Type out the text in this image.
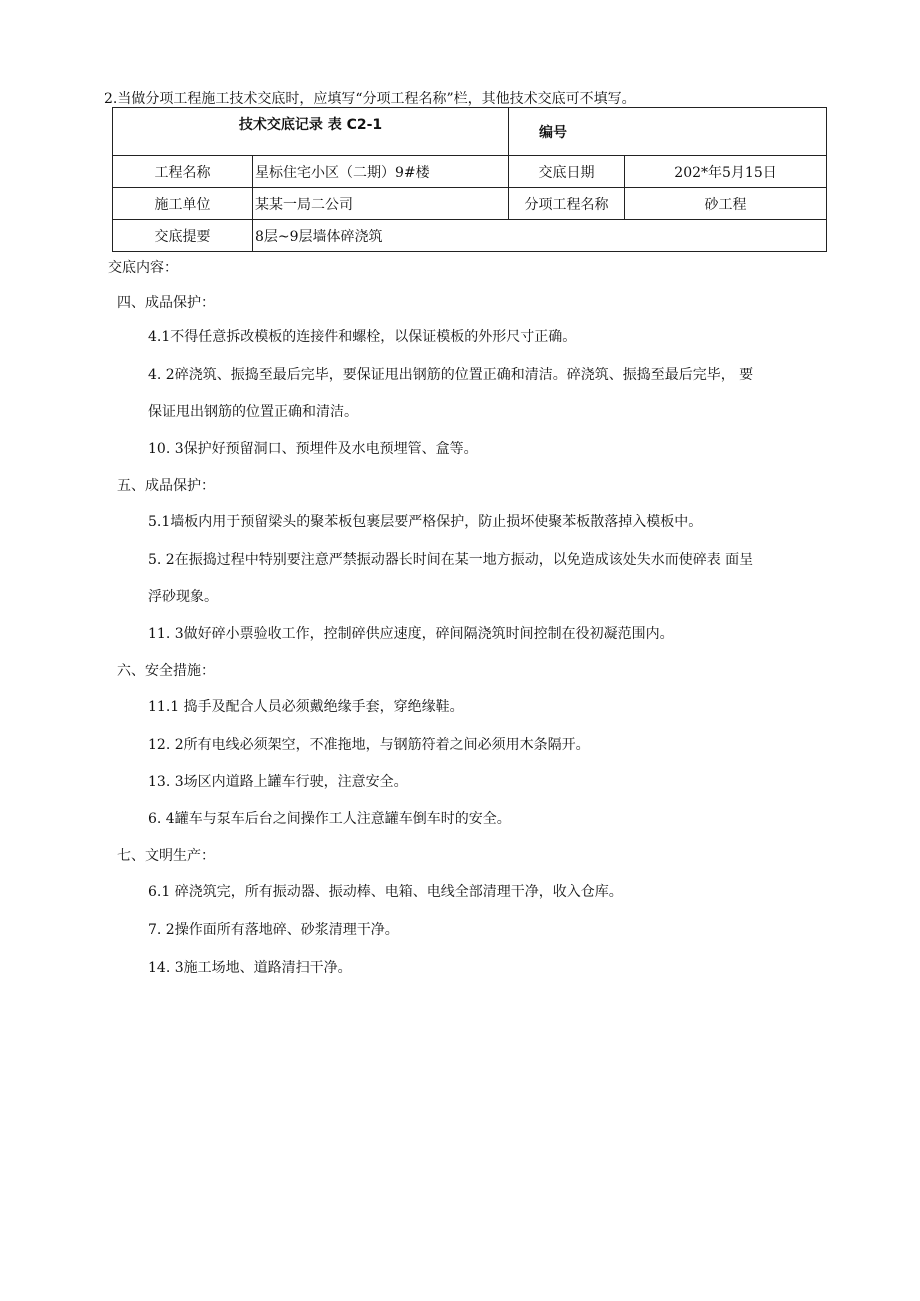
2.当做分项工程施工技术交底时，应填写“分项工程名称”栏，其他技术交底可不填写。
技术交底记录 表 C2-1		编号	
工程名称	星标住宅小区（二期）9#楼	交底日期	202*年5月15日
施工单位	某某一局二公司	分项工程名称	砂工程
交底提要	8层~9层墙体碎浇筑		
交底内容：
四、成品保护：
4.1不得任意拆改模板的连接件和螺栓，以保证模板的外形尺寸正确。
4. 2碎浇筑、振捣至最后完毕，要保证甩出钢筋的位置正确和清洁。碎浇筑、振捣至最后完毕， 要
保证甩出钢筋的位置正确和清洁。
10. 3保护好预留洞口、预埋件及水电预埋管、盒等。
五、成品保护：
5.1墙板内用于预留梁头的聚苯板包裹层要严格保护，防止损坏使聚苯板散落掉入模板中。
5. 2在振捣过程中特别要注意严禁振动器长时间在某一地方振动，以免造成该处失水而使碎表 面呈
浮砂现象。
11. 3做好碎小票验收工作，控制碎供应速度，碎间隔浇筑时间控制在役初凝范围内。
六、安全措施：
11.1 捣手及配合人员必须戴绝缘手套，穿绝缘鞋。
12. 2所有电线必须架空，不准拖地，与钢筋符着之间必须用木条隔开。
13. 3场区内道路上罐车行驶，注意安全。
6. 4罐车与泵车后台之间操作工人注意罐车倒车时的安全。
七、文明生产：
6.1 碎浇筑完，所有振动器、振动棒、电箱、电线全部清理干净，收入仓库。
7. 2操作面所有落地碎、砂浆清理干净。
14. 3施工场地、道路清扫干净。
